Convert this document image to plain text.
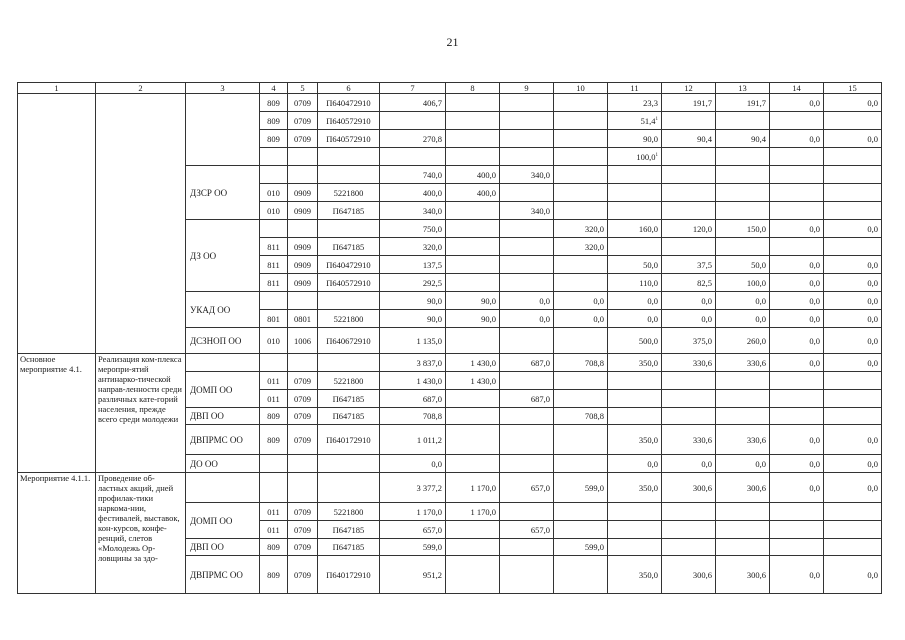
21
1	2	3	4	5	6	7	8	9	10	11	12	13	14	15
			809	0709	П640472910	406,7				23,3	191,7	191,7	0,0	0,0
			809	0709	П640572910					51,4$^1$				
			809	0709	П640572910	270,8				90,0	90,4	90,4	0,0	0,0
										100,0$^1$				
		ДЗСР ОО				740,0	400,0	340,0						
			010	0909	5221800	400,0	400,0							
			010	0909	П647185	340,0		340,0						
		ДЗ ОО				750,0			320,0	160,0	120,0	150,0	0,0	0,0
			811	0909	П647185	320,0			320,0					
			811	0909	П640472910	137,5				50,0	37,5	50,0	0,0	0,0
			811	0909	П640572910	292,5				110,0	82,5	100,0	0,0	0,0
		УКАД ОО				90,0	90,0	0,0	0,0	0,0	0,0	0,0	0,0	0,0
			801	0801	5221800	90,0	90,0	0,0	0,0	0,0	0,0	0,0	0,0	0,0
		ДСЗНОП ОО	010	1006	П640672910	1 135,0				500,0	375,0	260,0	0,0	0,0
Основное мероприятие 4.1.	Реализация ком-плекса меропри-ятий антинарко-тической направ-ленности среди различных кате-горий населения, прежде всего среди молодежи					3 837,0	1 430,0	687,0	708,8	350,0	330,6	330,6	0,0	0,0
		ДОМП ОО	011	0709	5221800	1 430,0	1 430,0							
			011	0709	П647185	687,0		687,0						
		ДВП ОО	809	0709	П647185	708,8			708,8					
		ДВПРМС ОО	809	0709	П640172910	1 011,2				350,0	330,6	330,6	0,0	0,0
		ДО ОО				0,0				0,0	0,0	0,0	0,0	0,0
Мероприятие 4.1.1.	Проведение об-ластных акций, дней профилак-тики наркома-нии, фестивалей, выставок, кон-курсов, конфе-ренций, слетов «Молодежь Ор-ловщины за здо-					3 377,2	1 170,0	657,0	599,0	350,0	300,6	300,6	0,0	0,0
		ДОМП ОО	011	0709	5221800	1 170,0	1 170,0							
			011	0709	П647185	657,0		657,0						
		ДВП ОО	809	0709	П647185	599,0			599,0					
		ДВПРМС ОО	809	0709	П640172910	951,2				350,0	300,6	300,6	0,0	0,0
